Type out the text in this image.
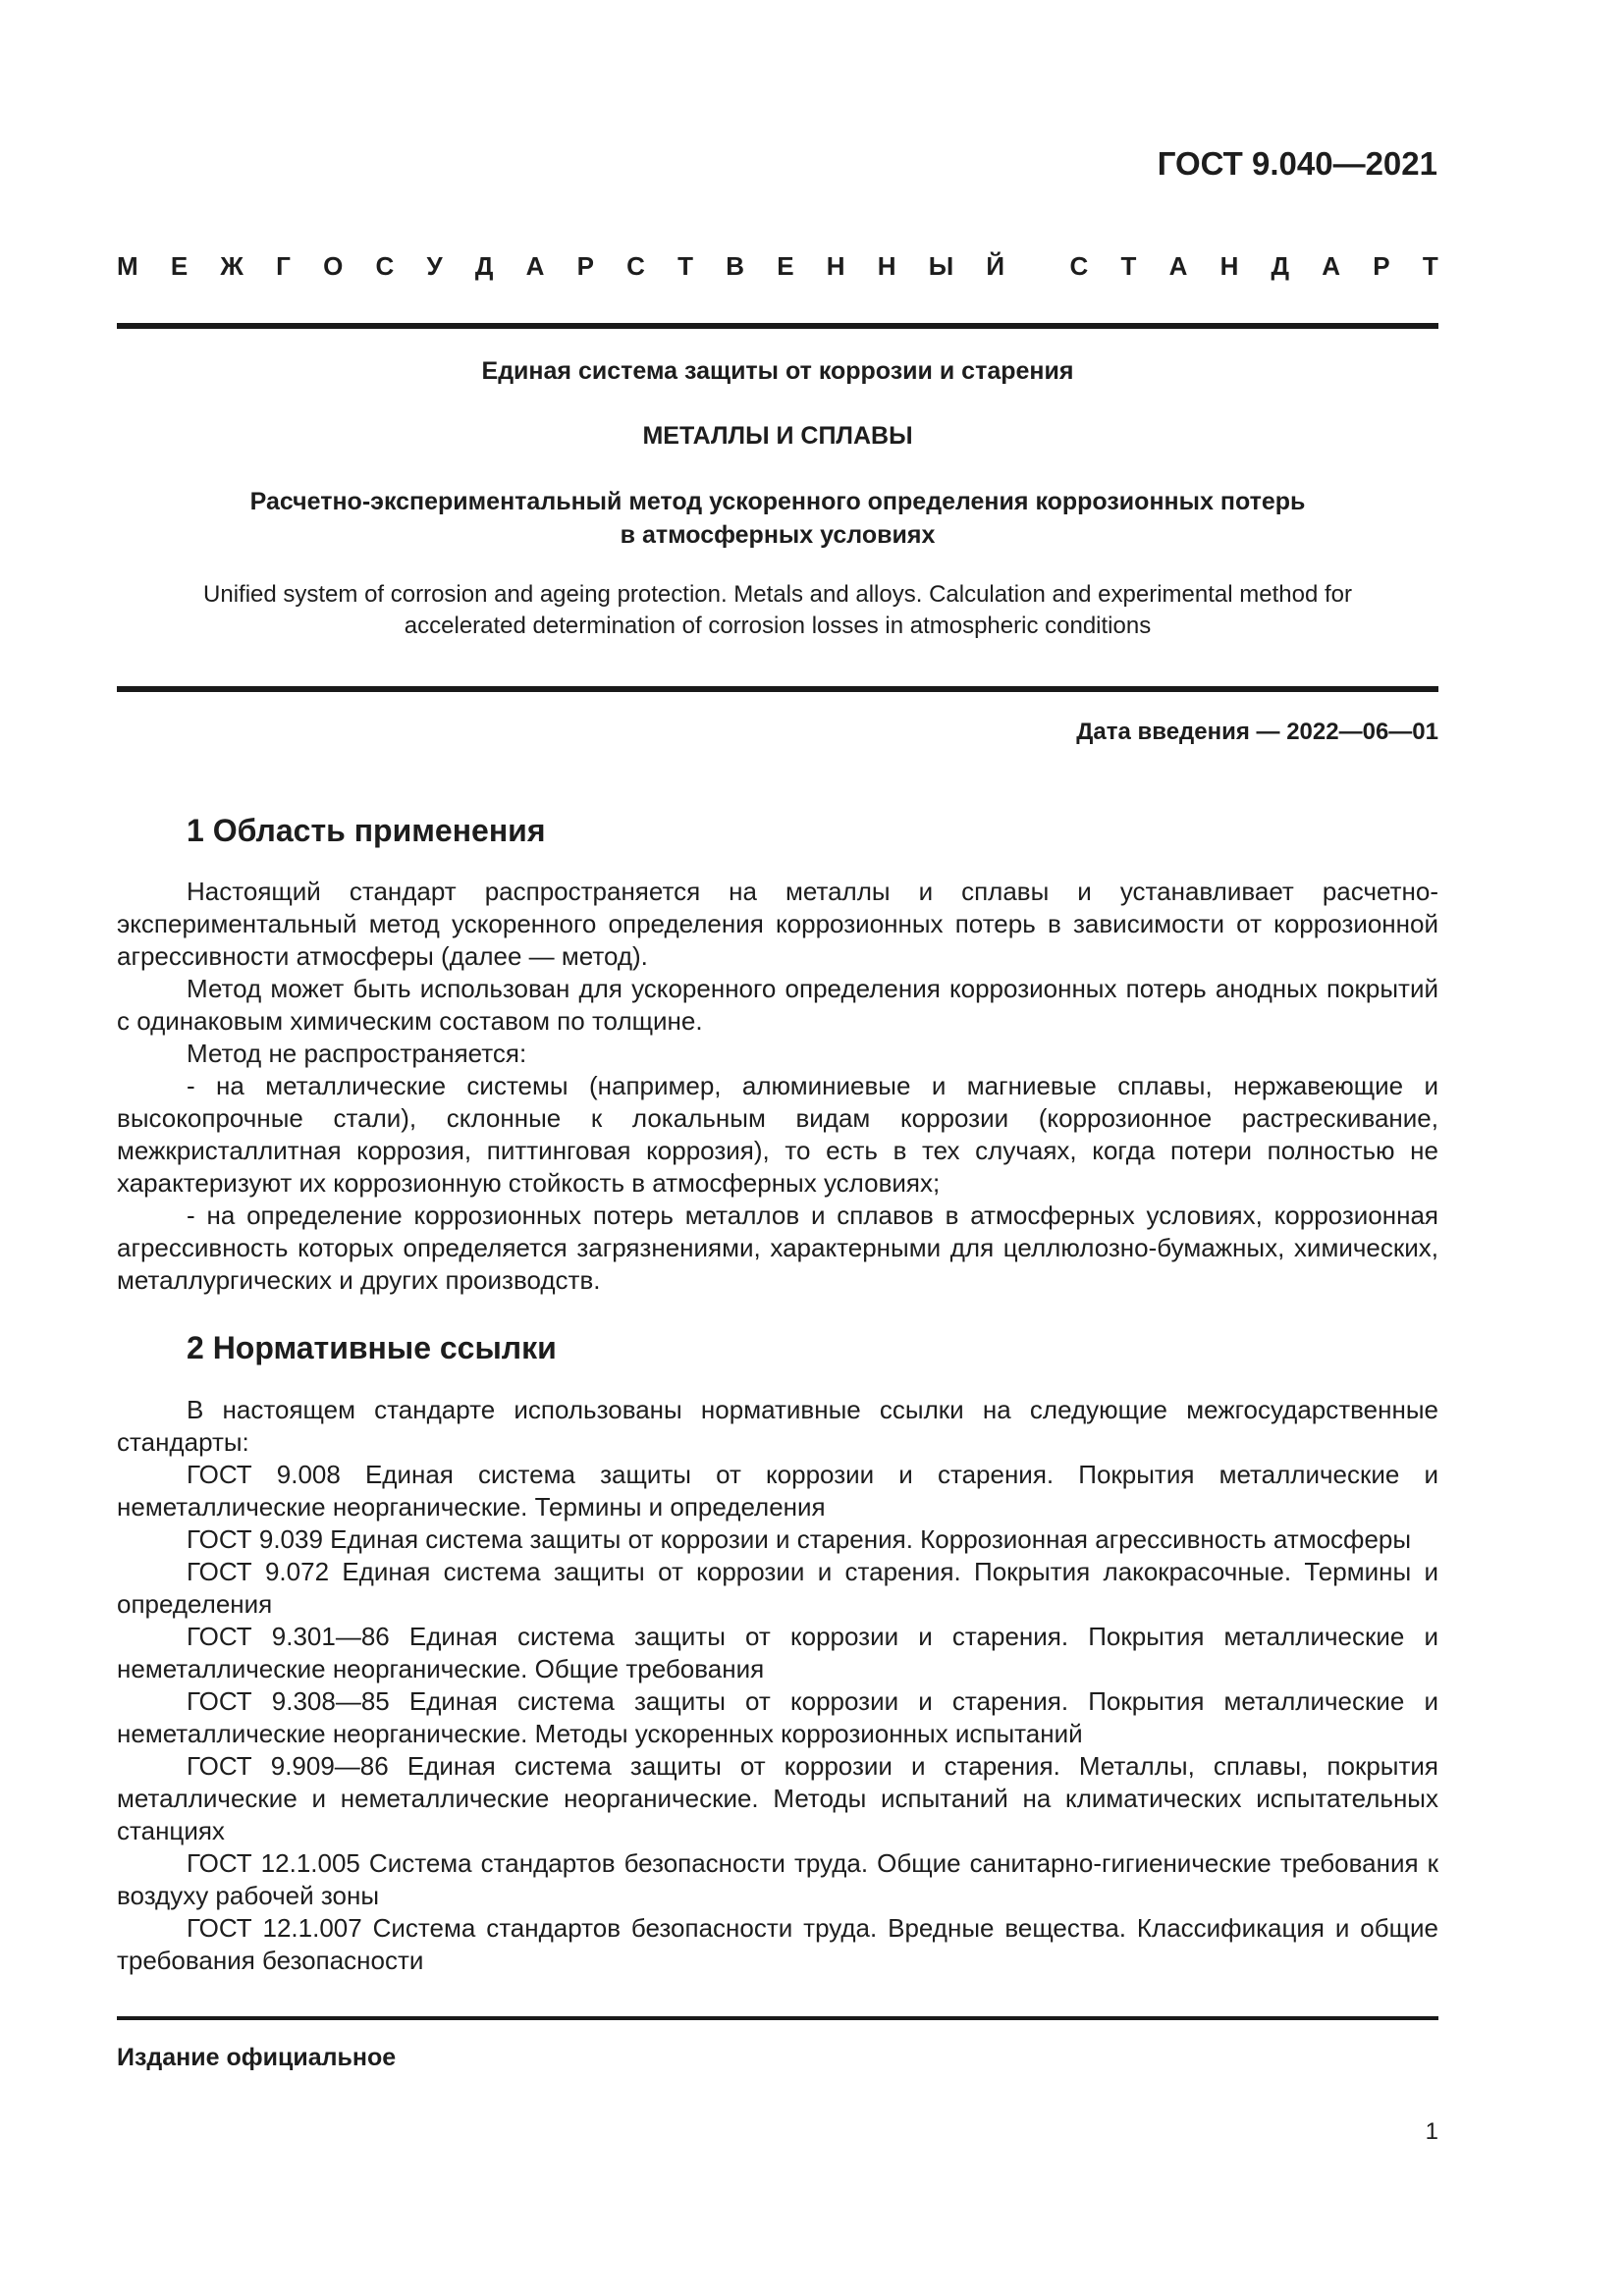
ГОСТ 9.040—2021
М Е Ж Г О С У Д А Р С Т В Е Н Н Ы Й	С Т А Н Д А Р Т
Единая система защиты от коррозии и старения
МЕТАЛЛЫ И СПЛАВЫ
Расчетно-экспериментальный метод ускоренного определения коррозионных потерь
в атмосферных условиях
Unified system of corrosion and ageing protection. Metals and alloys. Calculation and experimental method for
accelerated determination of corrosion losses in atmospheric conditions
Дата введения — 2022—06—01
1 Область применения

Настоящий стандарт распространяется на металлы и сплавы и устанавливает расчетно-экспериментальный метод ускоренного определения коррозионных потерь в зависимости от коррозионной агрессивности атмосферы (далее — метод).

Метод может быть использован для ускоренного определения коррозионных потерь анодных покрытий с одинаковым химическим составом по толщине.

Метод не распространяется:

- на металлические системы (например, алюминиевые и магниевые сплавы, нержавеющие и высокопрочные стали), склонные к локальным видам коррозии (коррозионное растрескивание, межкристаллитная коррозия, питтинговая коррозия), то есть в тех случаях, когда потери полностью не характеризуют их коррозионную стойкость в атмосферных условиях;

- на определение коррозионных потерь металлов и сплавов в атмосферных условиях, коррозионная агрессивность которых определяется загрязнениями, характерными для целлюлозно-бумажных, химических, металлургических и других производств.

2 Нормативные ссылки

В настоящем стандарте использованы нормативные ссылки на следующие межгосударственные стандарты:

ГОСТ 9.008 Единая система защиты от коррозии и старения. Покрытия металлические и неметаллические неорганические. Термины и определения

ГОСТ 9.039 Единая система защиты от коррозии и старения. Коррозионная агрессивность атмосферы

ГОСТ 9.072 Единая система защиты от коррозии и старения. Покрытия лакокрасочные. Термины и определения

ГОСТ 9.301—86 Единая система защиты от коррозии и старения. Покрытия металлические и неметаллические неорганические. Общие требования

ГОСТ 9.308—85 Единая система защиты от коррозии и старения. Покрытия металлические и неметаллические неорганические. Методы ускоренных коррозионных испытаний

ГОСТ 9.909—86 Единая система защиты от коррозии и старения. Металлы, сплавы, покрытия металлические и неметаллические неорганические. Методы испытаний на климатических испытательных станциях

ГОСТ 12.1.005 Система стандартов безопасности труда. Общие санитарно-гигиенические требования к воздуху рабочей зоны

ГОСТ 12.1.007 Система стандартов безопасности труда. Вредные вещества. Классификация и общие требования безопасности

Издание официальное
1
